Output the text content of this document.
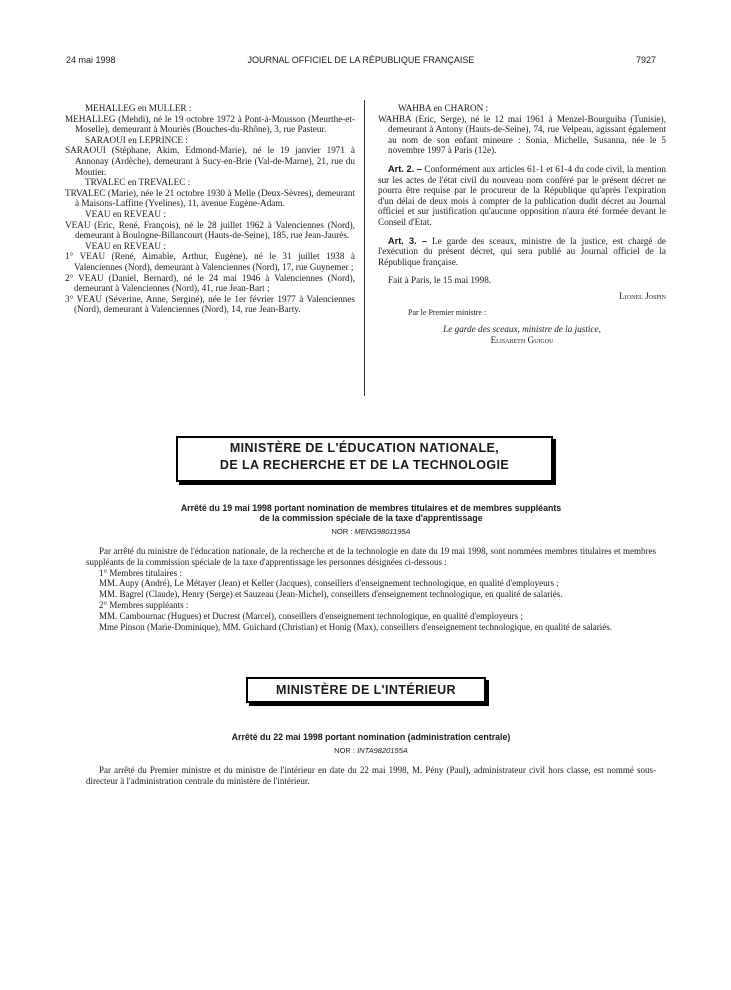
24 mai 1998	JOURNAL OFFICIEL DE LA RÉPUBLIQUE FRANÇAISE	7927

MEHALLEG en MULLER :

MEHALLEG (Mehdi), né le 19 octobre 1972 à Pont-à-Mousson (Meurthe-et-Moselle), demeurant à Mouriès (Bouches-du-Rhône), 3, rue Pasteur.

SARAOUI en LEPRINCE :

SARAOUI (Stéphane, Akim, Edmond-Marie), né le 19 janvier 1971 à Annonay (Ardèche), demeurant à Sucy-en-Brie (Val-de-Marne), 21, rue du Moutier.

TRVALEC en TREVALEC :

TRVALEC (Marie), née le 21 octobre 1930 à Melle (Deux-Sèvres), demeurant à Maisons-Laffitte (Yvelines), 11, avenue Eugène-Adam.

VEAU en REVEAU :

VEAU (Eric, René, François), né le 28 juillet 1962 à Valenciennes (Nord), demeurant à Boulogne-Billancourt (Hauts-de-Seine), 185, rue Jean-Jaurès.

VEAU en REVEAU :

1° VEAU (René, Aimable, Arthur, Eugène), né le 31 juillet 1938 à Valenciennes (Nord), demeurant à Valenciennes (Nord), 17, rue Guynemer ;

2° VEAU (Daniel, Bernard), né le 24 mai 1946 à Valenciennes (Nord), demeurant à Valenciennes (Nord), 41, rue Jean-Bart ;

3° VEAU (Séverine, Anne, Serginé), née le 1er février 1977 à Valenciennes (Nord), demeurant à Valenciennes (Nord), 14, rue Jean-Barty.

WAHBA en CHARON :

WAHBA (Eric, Serge), né le 12 mai 1961 à Menzel-Bourguiba (Tunisie), demeurant à Antony (Hauts-de-Seine), 74, rue Velpeau, agissant également au nom de son enfant mineure : Sonia, Michelle, Susanna, née le 5 novembre 1997 à Paris (12e).

Art. 2. – Conformément aux articles 61-1 et 61-4 du code civil, la mention sur les actes de l'état civil du nouveau nom conféré par le présent décret ne pourra être requise par le procureur de la République qu'après l'expiration d'un délai de deux mois à compter de la publication dudit décret au Journal officiel et sur justification qu'aucune opposition n'aura été formée devant le Conseil d'Etat.

Art. 3. – Le garde des sceaux, ministre de la justice, est chargé de l'exécution du présent décret, qui sera publié au Journal officiel de la République française.

Fait à Paris, le 15 mai 1998.

Lionel Jospin

Par le Premier ministre :

Le garde des sceaux, ministre de la justice,

Elisabeth Guigou

MINISTÈRE DE L'ÉDUCATION NATIONALE,
DE LA RECHERCHE ET DE LA TECHNOLOGIE

Arrêté du 19 mai 1998 portant nomination de membres titulaires et de membres suppléants
de la commission spéciale de la taxe d'apprentissage

NOR : MENG9801195A

Par arrêté du ministre de l'éducation nationale, de la recherche et de la technologie en date du 19 mai 1998, sont nommées membres titulaires et membres suppléants de la commission spéciale de la taxe d'apprentissage les personnes désignées ci-dessous :

1° Membres titulaires :

MM. Aupy (André), Le Métayer (Jean) et Keller (Jacques), conseillers d'enseignement technologique, en qualité d'employeurs ;

MM. Bagrel (Claude), Henry (Serge) et Sauzeau (Jean-Michel), conseillers d'enseignement technologique, en qualité de salariés.

2° Membres suppléants :

MM. Cambournac (Hugues) et Ducrest (Marcel), conseillers d'enseignement technologique, en qualité d'employeurs ;

Mme Pinson (Marie-Dominique), MM. Guichard (Christian) et Honig (Max), conseillers d'enseignement technologique, en qualité de salariés.

MINISTÈRE DE L'INTÉRIEUR

Arrêté du 22 mai 1998 portant nomination (administration centrale)

NOR : INTA9820155A

Par arrêté du Premier ministre et du ministre de l'intérieur en date du 22 mai 1998, M. Pény (Paul), administrateur civil hors classe, est nommé sous-directeur à l'administration centrale du ministère de l'intérieur.
